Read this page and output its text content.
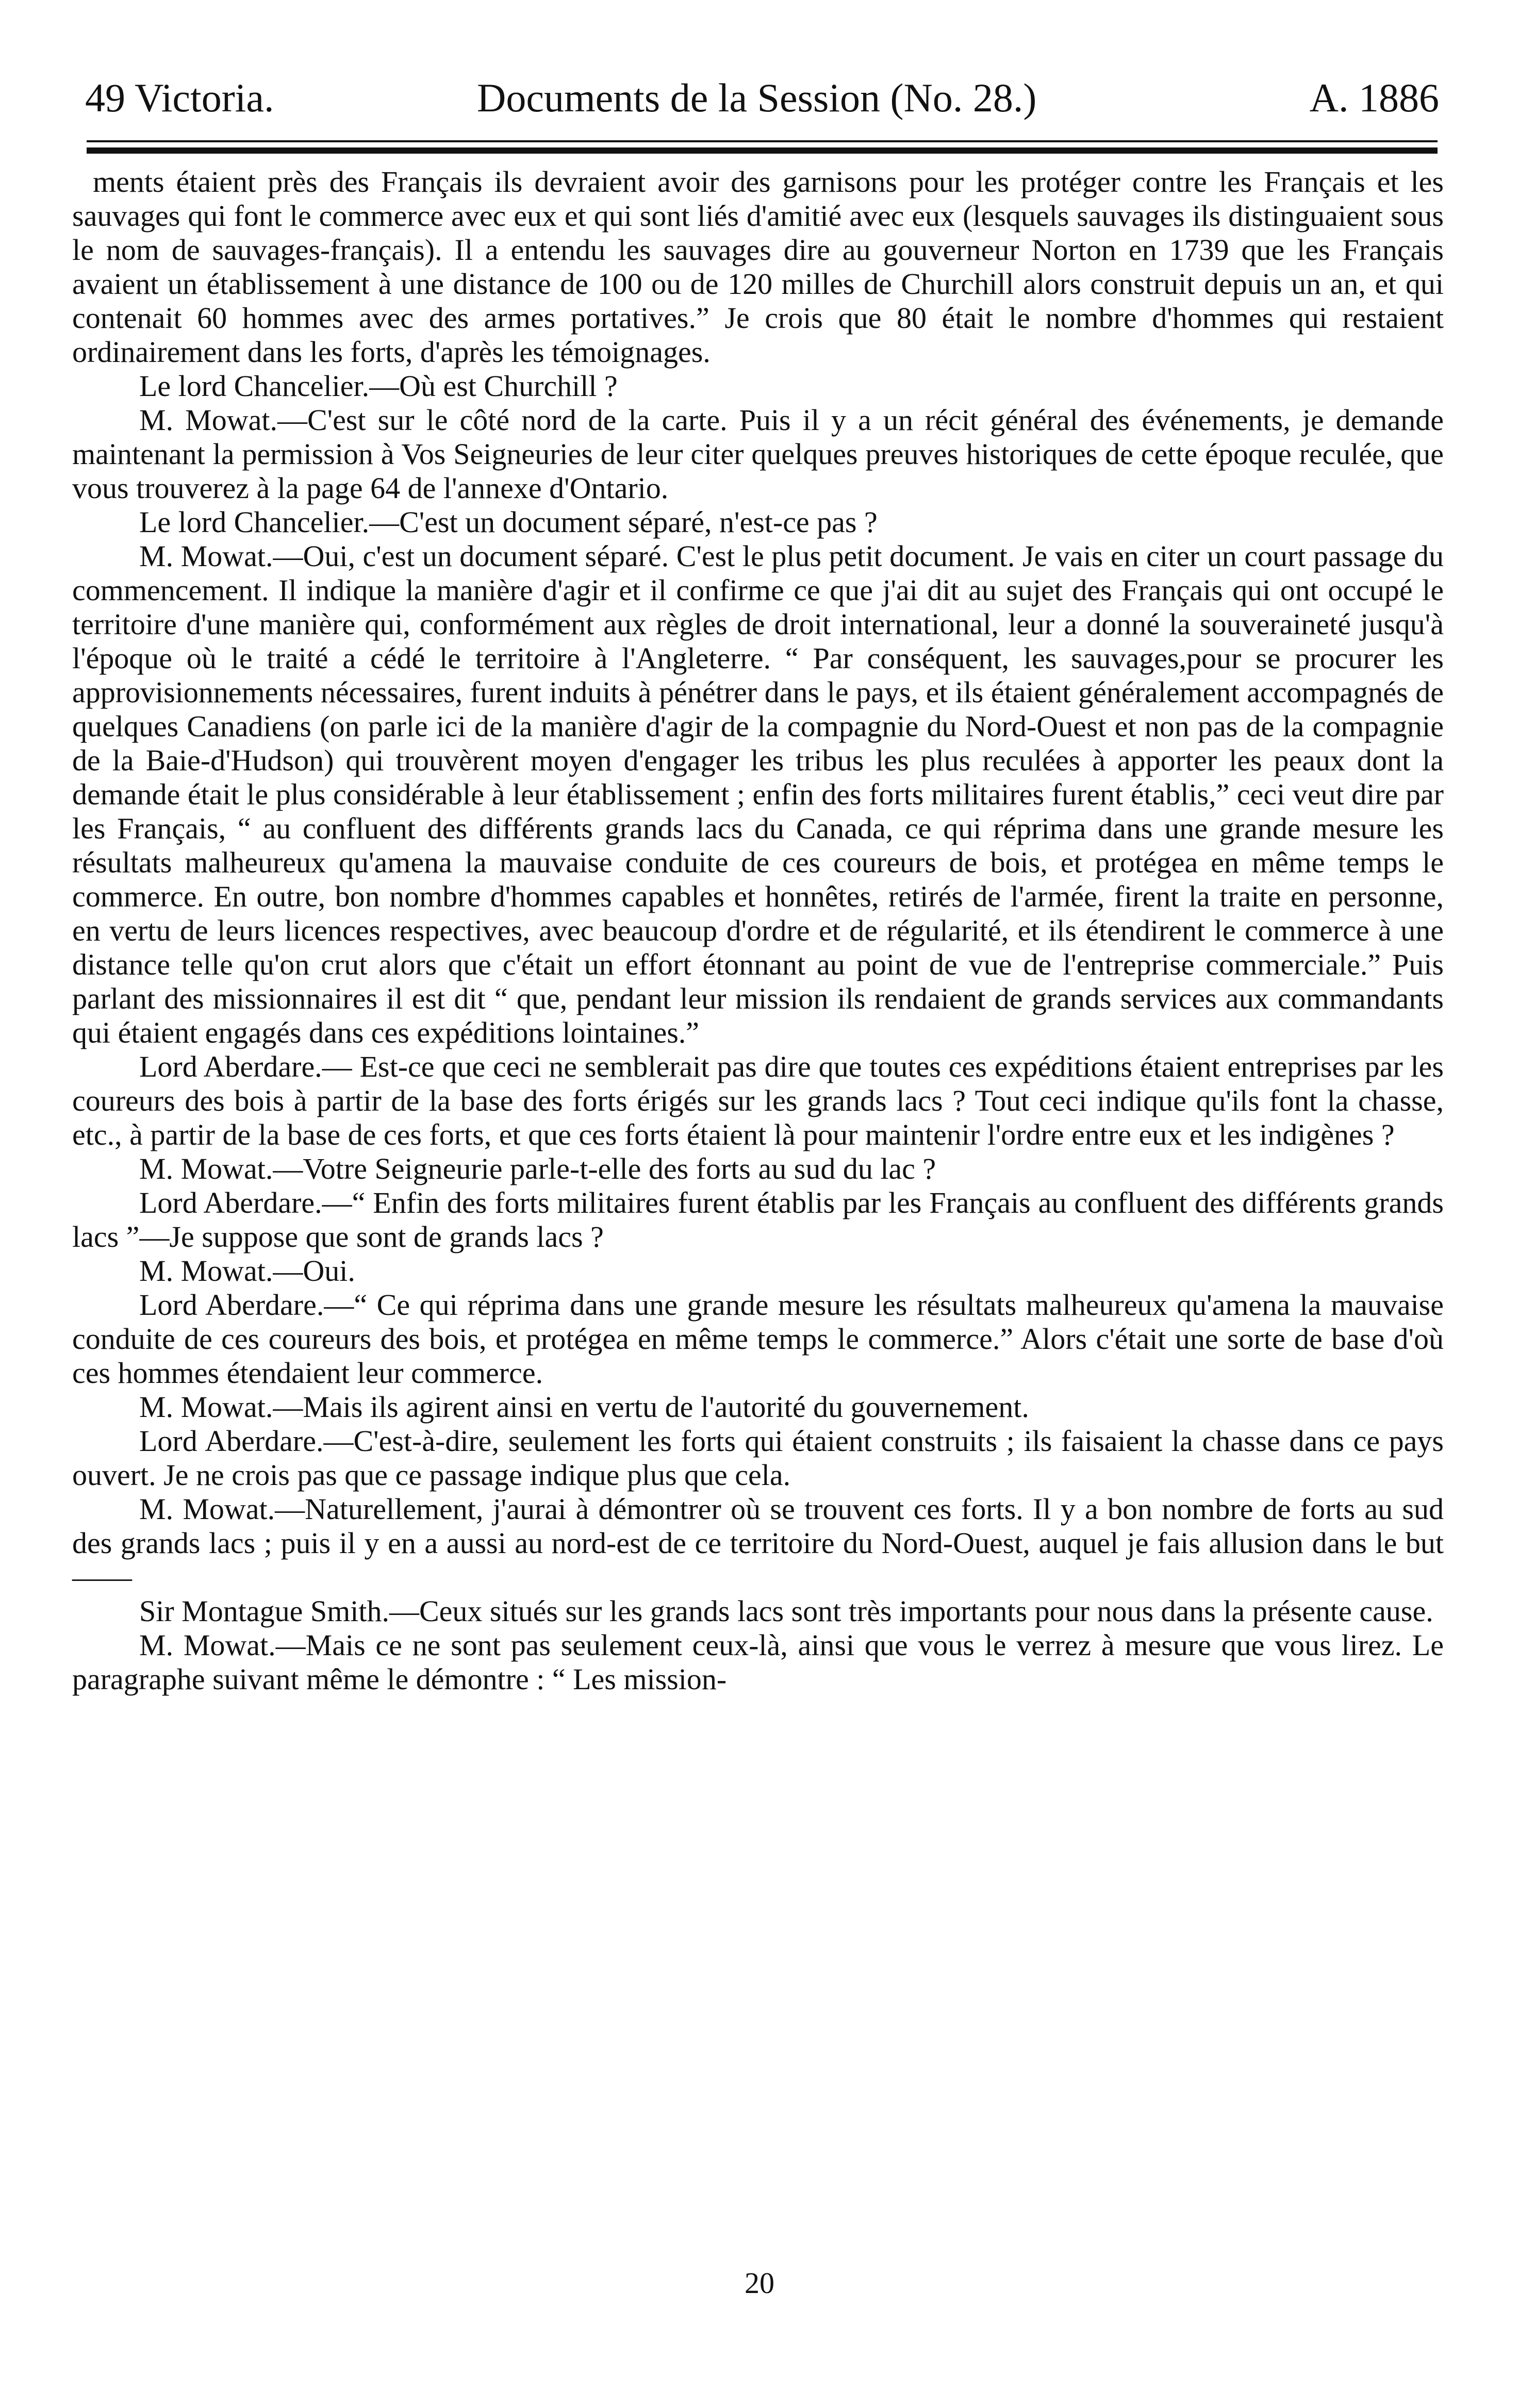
49 Victoria.	Documents de la Session (No. 28.)	A. 1886

ments étaient près des Français ils devraient avoir des garnisons pour les protéger contre les Français et les sauvages qui font le commerce avec eux et qui sont liés d'amitié avec eux (lesquels sauvages ils distinguaient sous le nom de sauvages-français). Il a entendu les sauvages dire au gouverneur Norton en 1739 que les Français avaient un établissement à une distance de 100 ou de 120 milles de Churchill alors construit depuis un an, et qui contenait 60 hommes avec des armes portatives.” Je crois que 80 était le nombre d'hommes qui restaient ordinairement dans les forts, d'après les témoignages.

Le lord Chancelier.—Où est Churchill ?

M. Mowat.—C'est sur le côté nord de la carte. Puis il y a un récit général des événements, je demande maintenant la permission à Vos Seigneuries de leur citer quelques preuves historiques de cette époque reculée, que vous trouverez à la page 64 de l'annexe d'Ontario.

Le lord Chancelier.—C'est un document séparé, n'est-ce pas ?

M. Mowat.—Oui, c'est un document séparé. C'est le plus petit document. Je vais en citer un court passage du commencement. Il indique la manière d'agir et il confirme ce que j'ai dit au sujet des Français qui ont occupé le territoire d'une manière qui, conformément aux règles de droit international, leur a donné la souveraineté jusqu'à l'époque où le traité a cédé le territoire à l'Angleterre. “ Par conséquent, les sauvages,pour se procurer les approvisionnements nécessaires, furent induits à pénétrer dans le pays, et ils étaient généralement accompagnés de quelques Canadiens (on parle ici de la manière d'agir de la compagnie du Nord-Ouest et non pas de la compagnie de la Baie-d'Hudson) qui trouvèrent moyen d'engager les tribus les plus reculées à apporter les peaux dont la demande était le plus considérable à leur établissement ; enfin des forts militaires furent établis,” ceci veut dire par les Français, “ au confluent des différents grands lacs du Canada, ce qui réprima dans une grande mesure les résultats malheureux qu'amena la mauvaise conduite de ces coureurs de bois, et protégea en même temps le commerce. En outre, bon nombre d'hommes capables et honnêtes, retirés de l'armée, firent la traite en personne, en vertu de leurs licences respectives, avec beaucoup d'ordre et de régularité, et ils étendirent le commerce à une distance telle qu'on crut alors que c'était un effort étonnant au point de vue de l'entreprise commerciale.” Puis parlant des missionnaires il est dit “ que, pendant leur mission ils rendaient de grands services aux commandants qui étaient engagés dans ces expéditions lointaines.”

Lord Aberdare.— Est-ce que ceci ne semblerait pas dire que toutes ces expéditions étaient entreprises par les coureurs des bois à partir de la base des forts érigés sur les grands lacs ? Tout ceci indique qu'ils font la chasse, etc., à partir de la base de ces forts, et que ces forts étaient là pour maintenir l'ordre entre eux et les indigènes ?

M. Mowat.—Votre Seigneurie parle-t-elle des forts au sud du lac ?

Lord Aberdare.—“ Enfin des forts militaires furent établis par les Français au confluent des différents grands lacs ”—Je suppose que sont de grands lacs ?

M. Mowat.—Oui.

Lord Aberdare.—“ Ce qui réprima dans une grande mesure les résultats malheureux qu'amena la mauvaise conduite de ces coureurs des bois, et protégea en même temps le commerce.” Alors c'était une sorte de base d'où ces hommes étendaient leur commerce.

M. Mowat.—Mais ils agirent ainsi en vertu de l'autorité du gouvernement.

Lord Aberdare.—C'est-à-dire, seulement les forts qui étaient construits ; ils faisaient la chasse dans ce pays ouvert. Je ne crois pas que ce passage indique plus que cela.

M. Mowat.—Naturellement, j'aurai à démontrer où se trouvent ces forts. Il y a bon nombre de forts au sud des grands lacs ; puis il y en a aussi au nord-est de ce territoire du Nord-Ouest, auquel je fais allusion dans le but——

Sir Montague Smith.—Ceux situés sur les grands lacs sont très importants pour nous dans la présente cause.

M. Mowat.—Mais ce ne sont pas seulement ceux-là, ainsi que vous le verrez à mesure que vous lirez. Le paragraphe suivant même le démontre : “ Les mission-

20
